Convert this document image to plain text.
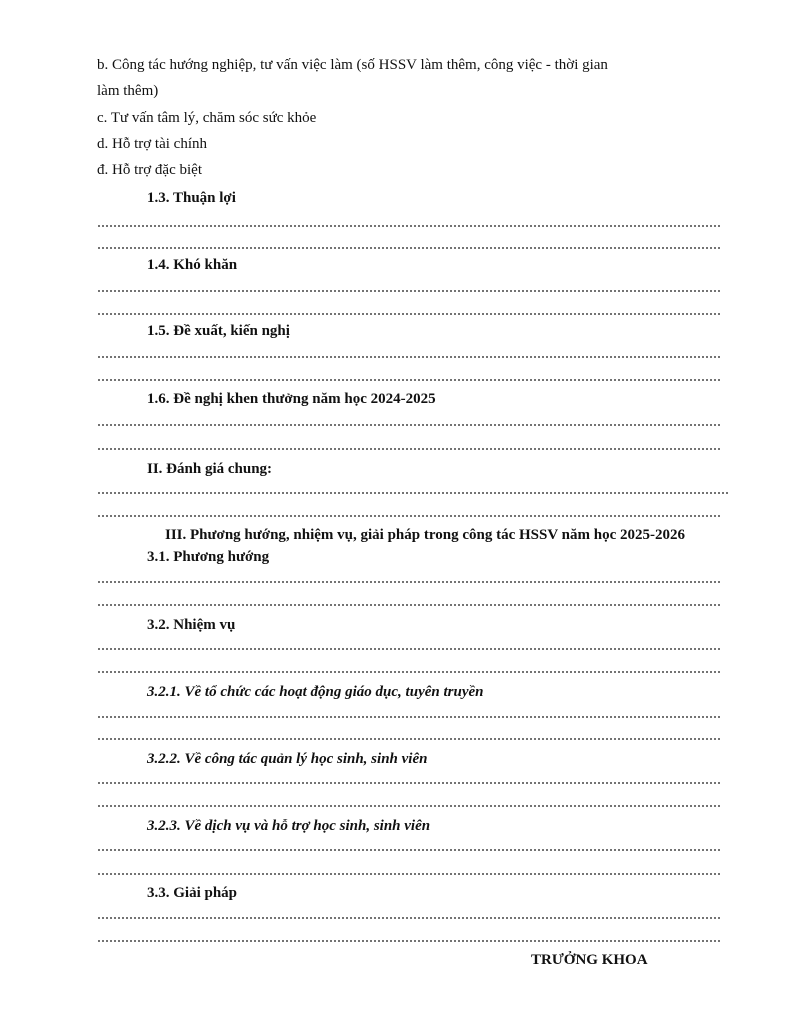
b. Công tác hướng nghiệp, tư vấn việc làm (số HSSV làm thêm, công việc - thời gian
làm thêm)
c. Tư vấn tâm lý, chăm sóc sức khỏe
d. Hỗ trợ tài chính
đ. Hỗ trợ đặc biệt
1.3. Thuận lợi
1.4. Khó khăn
1.5. Đề xuất, kiến nghị
1.6. Đề nghị khen thưởng năm học 2024-2025
II. Đánh giá chung:
III. Phương hướng, nhiệm vụ, giải pháp trong công tác HSSV năm học 2025-2026
3.1. Phương hướng
3.2. Nhiệm vụ
3.2.1. Về tổ chức các hoạt động giáo dục, tuyên truyền
3.2.2. Về công tác quản lý học sinh, sinh viên
3.2.3. Về dịch vụ và hỗ trợ học sinh, sinh viên
3.3. Giải pháp
TRƯỞNG KHOA
